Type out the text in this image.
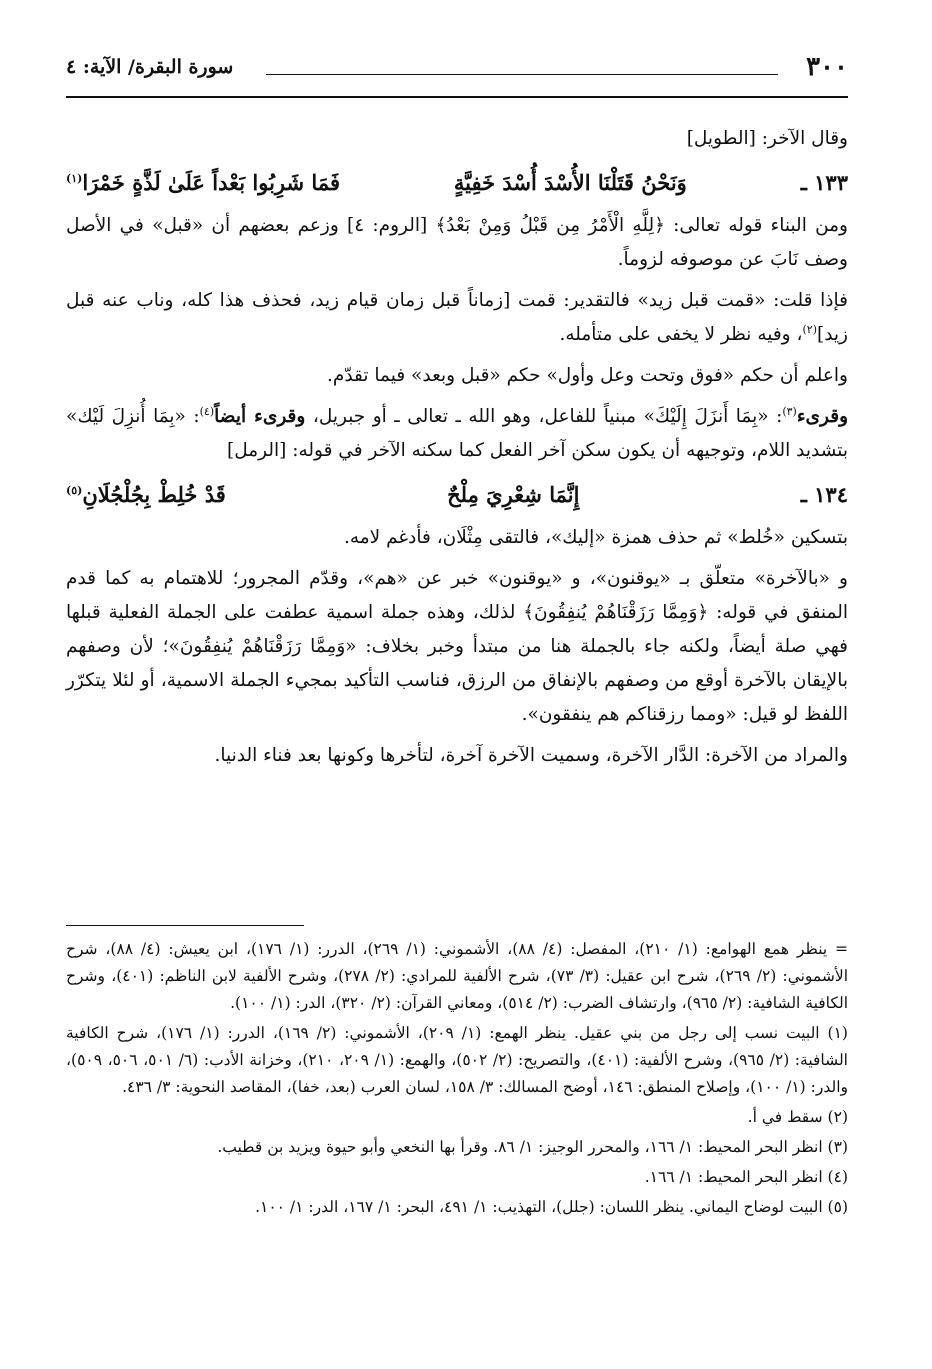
٣٠٠
سورة البقرة/ الآية: ٤

وقال الآخر: [الطويل]

١٣٣ ـ
وَنَحْنُ قَتَلْنَا الأُسْدَ أُسْدَ خَفِيَّةٍ
فَمَا شَرِبُوا بَعْداً عَلَىٰ لَذَّةٍ خَمْرَا$^{(١)}$

ومن البناء قوله تعالى: ﴿لِلَّهِ الْأَمْرُ مِن قَبْلُ وَمِنْ بَعْدُ﴾ [الروم: ٤] وزعم بعضهم أن «قبل» في الأصل وصف نَابَ عن موصوفه لزوماً.

فإذا قلت: «قمت قبل زيد» فالتقدير: قمت [زماناً قبل زمان قيام زيد، فحذف هذا كله، وناب عنه قبل زيد]$^{(٢)}$، وفيه نظر لا يخفى على متأمله.

واعلم أن حكم «فوق وتحت وعل وأول» حكم «قبل وبعد» فيما تقدّم.

وقرىء$^{(٣)}$: «بِمَا أَنزَلَ إِلَيْكَ» مبنياً للفاعل، وهو الله ـ تعالى ـ أو جبريل، وقرىء أيضاً$^{(٤)}$: «بِمَا أُنزِلَ لَيْك» بتشديد اللام، وتوجيهه أن يكون سكن آخر الفعل كما سكنه الآخر في قوله: [الرمل]

١٣٤ ـ
إِنَّمَا شِعْرِيَ مِلْحٌ
قَدْ خُلِطْ بِجُلْجُلَانِ$^{(٥)}$

بتسكين «خُلط» ثم حذف همزة «إليك»، فالتقى مِثْلَان، فأدغم لامه.

و «بالآخرة» متعلّق بـ «يوقنون»، و «يوقنون» خبر عن «هم»، وقدّم المجرور؛ للاهتمام به كما قدم المنفق في قوله: ﴿وَمِمَّا رَزَقْنَاهُمْ يُنفِقُونَ﴾ لذلك، وهذه جملة اسمية عطفت على الجملة الفعلية قبلها فهي صلة أيضاً، ولكنه جاء بالجملة هنا من مبتدأ وخبر بخلاف: «وَمِمَّا رَزَقْنَاهُمْ يُنفِقُونَ»؛ لأن وصفهم بالإيقان بالآخرة أوقع من وصفهم بالإنفاق من الرزق، فناسب التأكيد بمجيء الجملة الاسمية، أو لئلا يتكرّر اللفظ لو قيل: «ومما رزقناكم هم ينفقون».

والمراد من الآخرة: الدَّار الآخرة، وسميت الآخرة آخرة، لتأخرها وكونها بعد فناء الدنيا.

= ينظر همع الهوامع: (١/ ٢١٠)، المفصل: (٤/ ٨٨)، الأشموني: (١/ ٢٦٩)، الدرر: (١/ ١٧٦)، ابن يعيش: (٤/ ٨٨)، شرح الأشموني: (٢/ ٢٦٩)، شرح ابن عقيل: (٣/ ٧٣)، شرح الألفية للمرادي: (٢/ ٢٧٨)، وشرح الألفية لابن الناظم: (٤٠١)، وشرح الكافية الشافية: (٢/ ٩٦٥)، وارتشاف الضرب: (٢/ ٥١٤)، ومعاني القرآن: (٢/ ٣٢٠)، الدر: (١/ ١٠٠).

(١) البيت نسب إلى رجل من بني عقيل. ينظر الهمع: (١/ ٢٠٩)، الأشموني: (٢/ ١٦٩)، الدرر: (١/ ١٧٦)، شرح الكافية الشافية: (٢/ ٩٦٥)، وشرح الألفية: (٤٠١)، والتصريح: (٢/ ٥٠٢)، والهمع: (١/ ٢٠٩، ٢١٠)، وخزانة الأدب: (٦/ ٥٠١، ٥٠٦، ٥٠٩)، والدر: (١/ ١٠٠)، وإصلاح المنطق: ١٤٦، أوضح المسالك: ٣/ ١٥٨، لسان العرب (بعد، خفا)، المقاصد النحوية: ٣/ ٤٣٦.

(٢) سقط في أ.

(٣) انظر البحر المحيط: ١/ ١٦٦، والمحرر الوجيز: ١/ ٨٦. وقرأ بها النخعي وأبو حيوة ويزيد بن قطيب.

(٤) انظر البحر المحيط: ١/ ١٦٦.

(٥) البيت لوضاح اليماني. ينظر اللسان: (جلل)، التهذيب: ١/ ٤٩١، البحر: ١/ ١٦٧، الدر: ١/ ١٠٠.
